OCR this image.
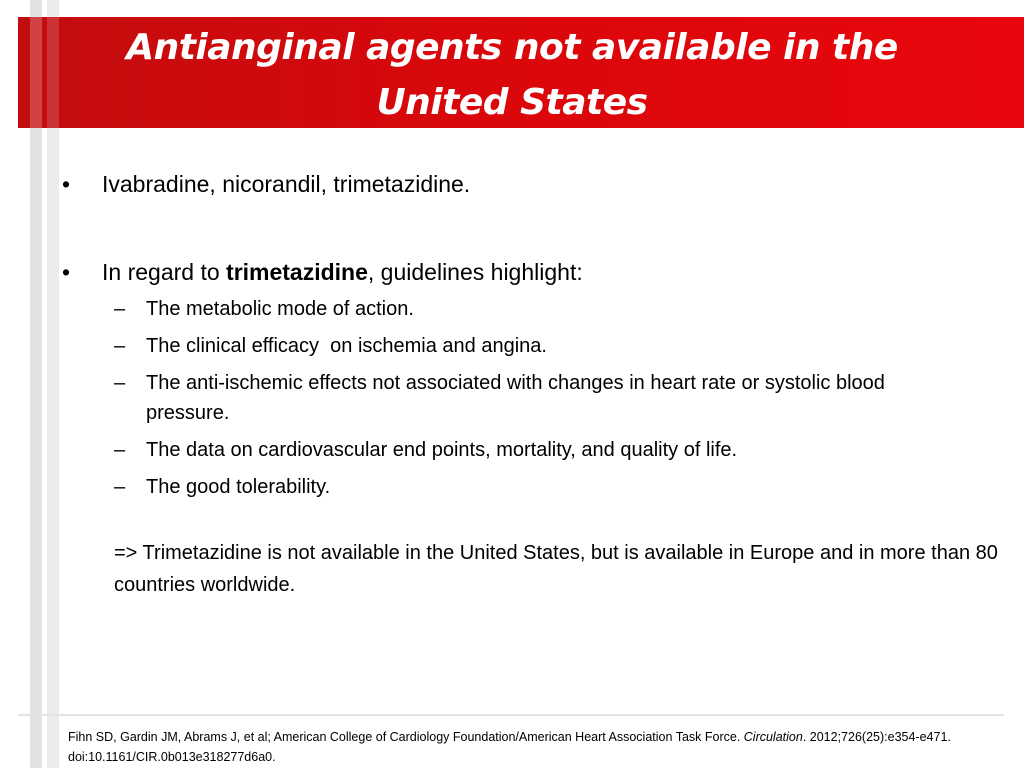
Antianginal agents not available in the United States

• Ivabradine, nicorandil, trimetazidine.

• In regard to trimetazidine, guidelines highlight:

– The metabolic mode of action.

– The clinical efficacy  on ischemia and angina.

– The anti-ischemic effects not associated with changes in heart rate or systolic blood pressure.

– The data on cardiovascular end points, mortality, and quality of life.

– The good tolerability.

=> Trimetazidine is not available in the United States, but is available in Europe and in more than 80 countries worldwide.

Fihn SD, Gardin JM, Abrams J, et al; American College of Cardiology Foundation/American Heart Association Task Force. Circulation. 2012;726(25):e354-e471. doi:10.1161/CIR.0b013e318277d6a0.
